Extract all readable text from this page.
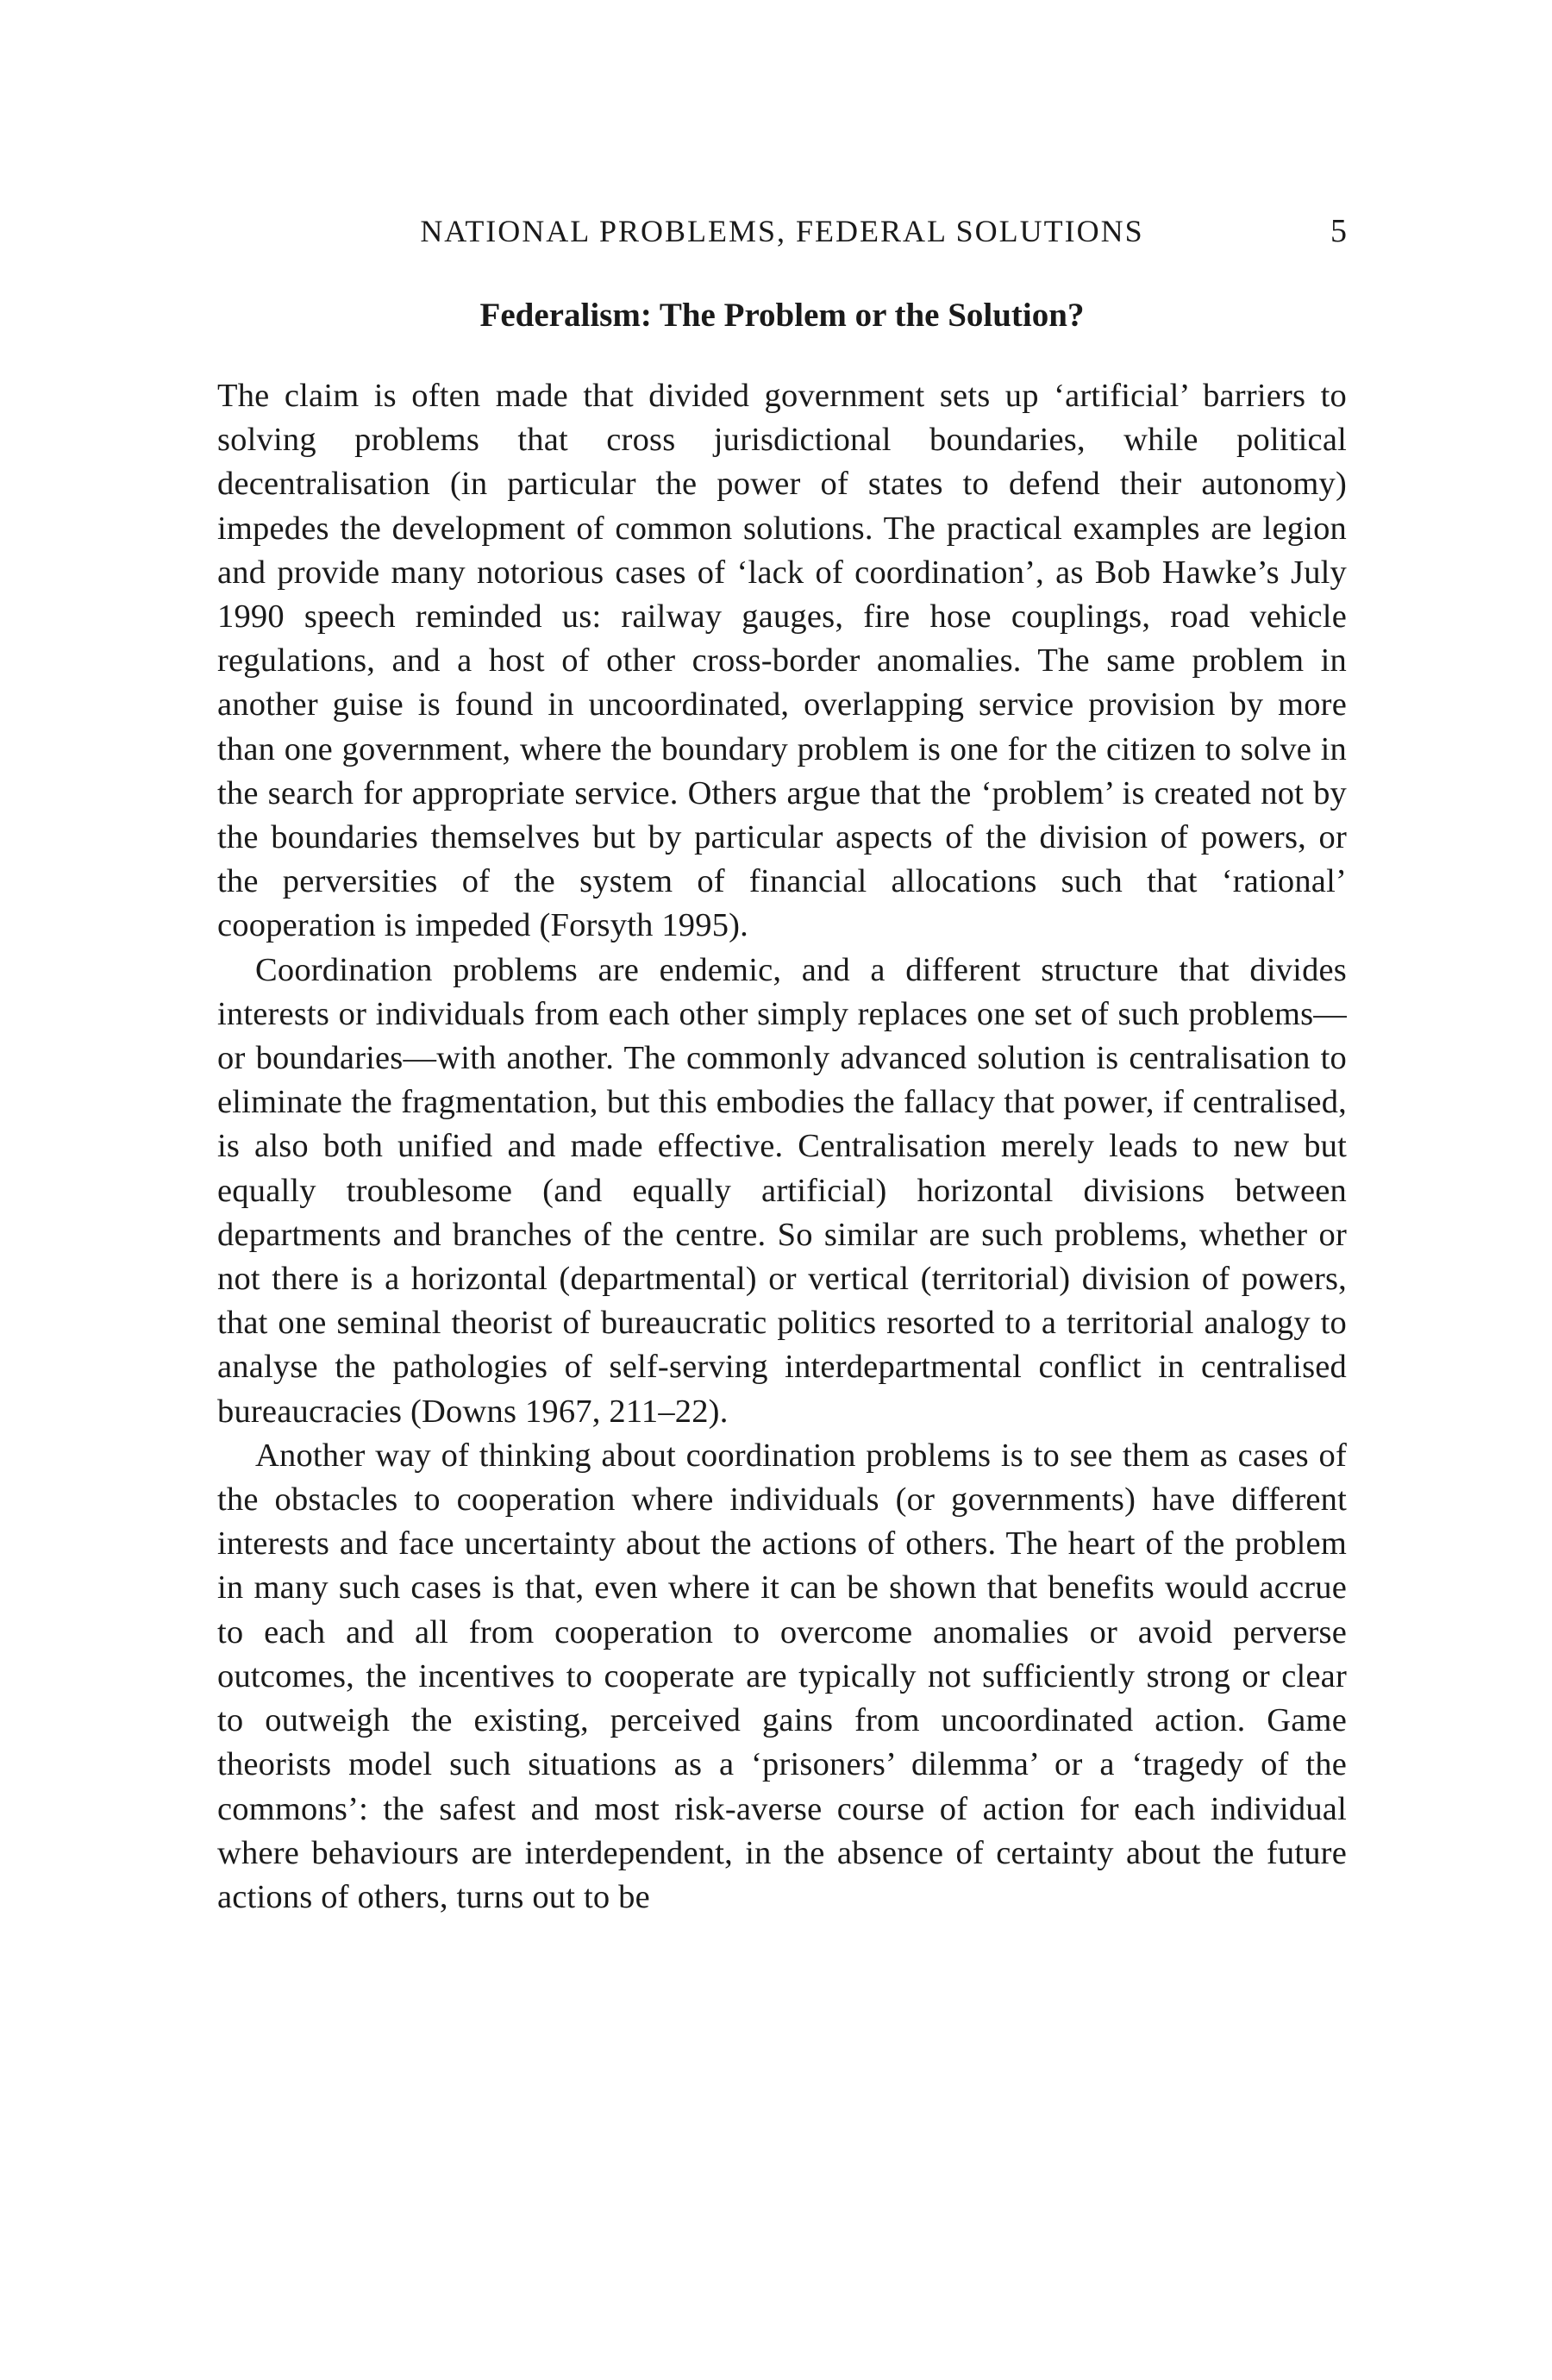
NATIONAL PROBLEMS, FEDERAL SOLUTIONS	5
Federalism: The Problem or the Solution?

The claim is often made that divided government sets up ‘artificial’ barriers to solving problems that cross jurisdictional boundaries, while political decentralisation (in particular the power of states to defend their autonomy) impedes the development of common solutions. The practical examples are legion and provide many notorious cases of ‘lack of coordination’, as Bob Hawke’s July 1990 speech reminded us: railway gauges, fire hose couplings, road vehicle regulations, and a host of other cross-border anomalies. The same problem in another guise is found in uncoordinated, overlapping service provision by more than one government, where the boundary problem is one for the citizen to solve in the search for appropriate service. Others argue that the ‘problem’ is created not by the boundaries themselves but by particular aspects of the division of powers, or the perversities of the system of financial allocations such that ‘rational’ cooperation is impeded (Forsyth 1995).

Coordination problems are endemic, and a different structure that divides interests or individuals from each other simply replaces one set of such problems—or boundaries—with another. The commonly advanced solution is centralisation to eliminate the fragmentation, but this embodies the fallacy that power, if centralised, is also both unified and made effective. Centralisation merely leads to new but equally troublesome (and equally artificial) horizontal divisions between departments and branches of the centre. So similar are such problems, whether or not there is a horizontal (departmental) or vertical (territorial) division of powers, that one seminal theorist of bureaucratic politics resorted to a territorial analogy to analyse the pathologies of self-serving interdepartmental conflict in centralised bureaucracies (Downs 1967, 211–22).

Another way of thinking about coordination problems is to see them as cases of the obstacles to cooperation where individuals (or governments) have different interests and face uncertainty about the actions of others. The heart of the problem in many such cases is that, even where it can be shown that benefits would accrue to each and all from cooperation to overcome anomalies or avoid perverse outcomes, the incentives to cooperate are typically not sufficiently strong or clear to outweigh the existing, perceived gains from uncoordinated action. Game theorists model such situations as a ‘prisoners’ dilemma’ or a ‘tragedy of the commons’: the safest and most risk-averse course of action for each individual where behaviours are interdependent, in the absence of certainty about the future actions of others, turns out to be
